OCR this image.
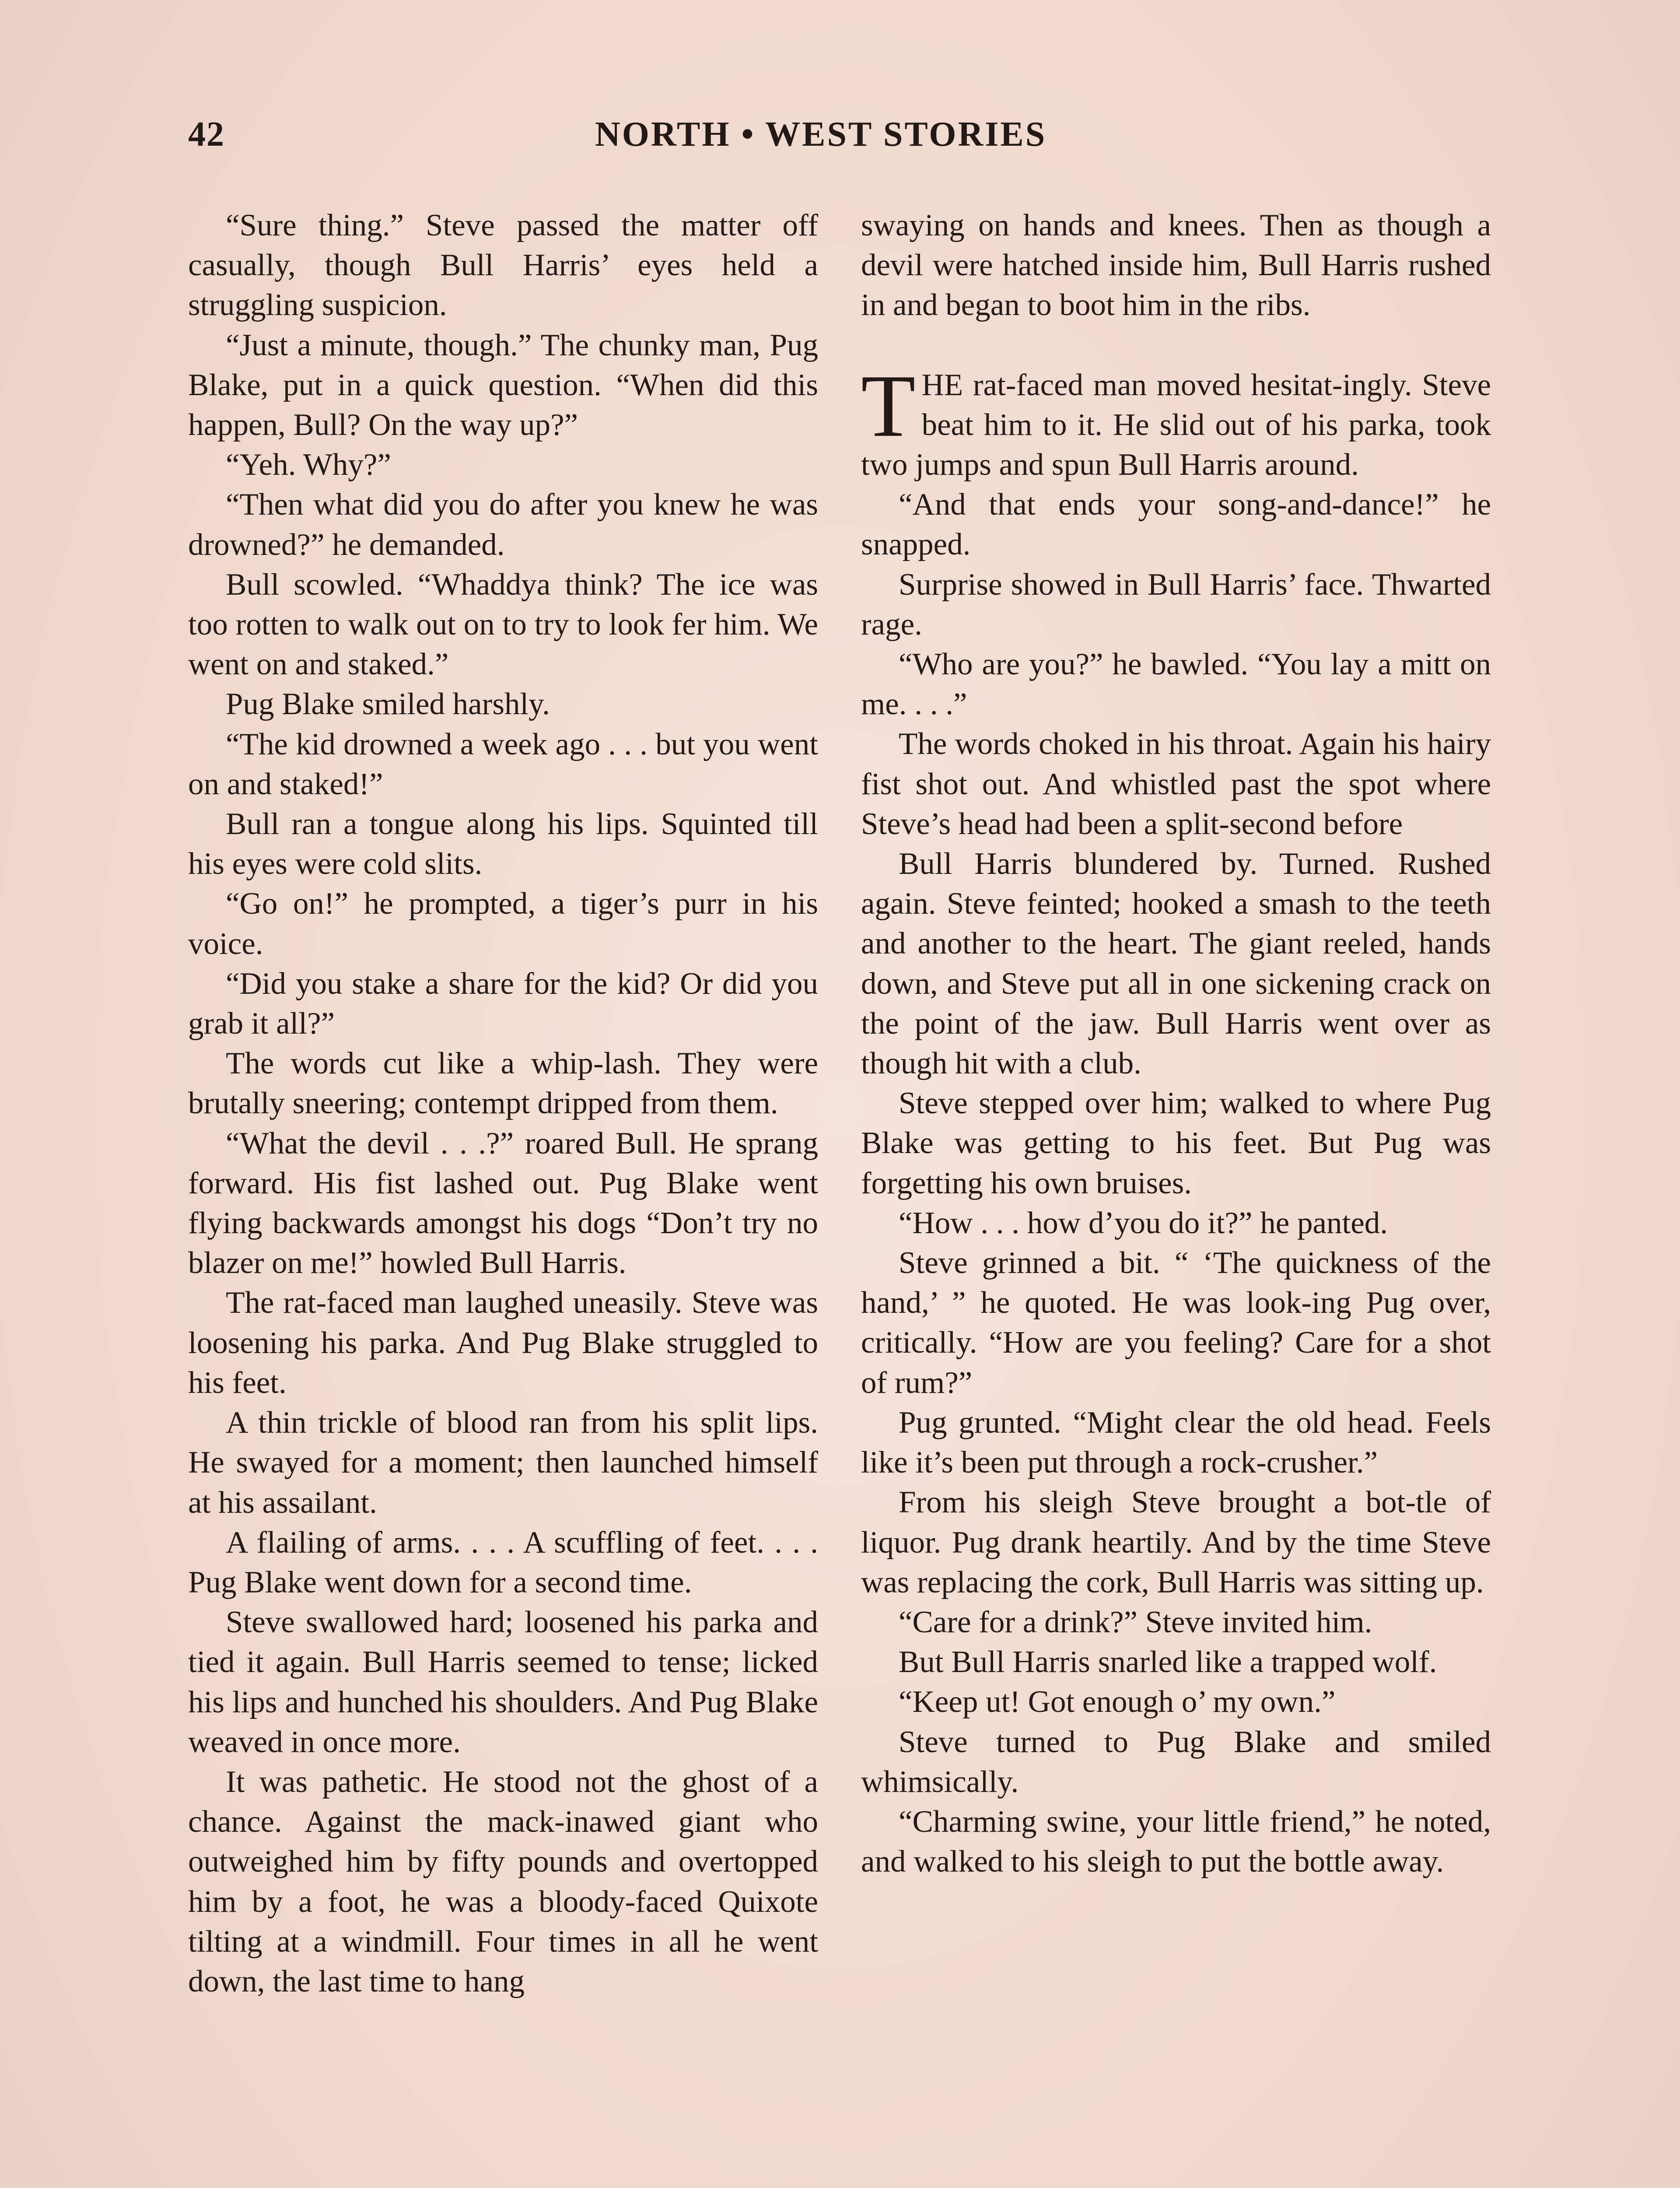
42	NORTH • WEST STORIES

“Sure thing.” Steve passed the matter off casually, though Bull Harris’ eyes held a struggling suspicion.

“Just a minute, though.” The chunky man, Pug Blake, put in a quick question. “When did this happen, Bull? On the way up?”

“Yeh. Why?”

“Then what did you do after you knew he was drowned?” he demanded.

Bull scowled. “Whaddya think? The ice was too rotten to walk out on to try to look fer him. We went on and staked.”

Pug Blake smiled harshly.

“The kid drowned a week ago . . . but you went on and staked!”

Bull ran a tongue along his lips. Squinted till his eyes were cold slits.

“Go on!” he prompted, a tiger’s purr in his voice.

“Did you stake a share for the kid? Or did you grab it all?”

The words cut like a whip-lash. They were brutally sneering; contempt dripped from them.

“What the devil . . .?” roared Bull. He sprang forward. His fist lashed out. Pug Blake went flying backwards amongst his dogs “Don’t try no blazer on me!” howled Bull Harris.

The rat-faced man laughed uneasily. Steve was loosening his parka. And Pug Blake struggled to his feet.

A thin trickle of blood ran from his split lips. He swayed for a moment; then launched himself at his assailant.

A flailing of arms. . . . A scuffling of feet. . . . Pug Blake went down for a second time.

Steve swallowed hard; loosened his parka and tied it again. Bull Harris seemed to tense; licked his lips and hunched his shoulders. And Pug Blake weaved in once more.

It was pathetic. He stood not the ghost of a chance. Against the mack-inawed giant who outweighed him by fifty pounds and overtopped him by a foot, he was a bloody-faced Quixote tilting at a windmill. Four times in all he went down, the last time to hang

swaying on hands and knees. Then as though a devil were hatched inside him, Bull Harris rushed in and began to boot him in the ribs.

THE rat-faced man moved hesitat-ingly. Steve beat him to it. He slid out of his parka, took two jumps and spun Bull Harris around.

“And that ends your song-and-dance!” he snapped.

Surprise showed in Bull Harris’ face. Thwarted rage.

“Who are you?” he bawled. “You lay a mitt on me. . . .”

The words choked in his throat. Again his hairy fist shot out. And whistled past the spot where Steve’s head had been a split-second before

Bull Harris blundered by. Turned. Rushed again. Steve feinted; hooked a smash to the teeth and another to the heart. The giant reeled, hands down, and Steve put all in one sickening crack on the point of the jaw. Bull Harris went over as though hit with a club.

Steve stepped over him; walked to where Pug Blake was getting to his feet. But Pug was forgetting his own bruises.

“How . . . how d’you do it?” he panted.

Steve grinned a bit. “ ‘The quickness of the hand,’ ” he quoted. He was look-ing Pug over, critically. “How are you feeling? Care for a shot of rum?”

Pug grunted. “Might clear the old head. Feels like it’s been put through a rock-crusher.”

From his sleigh Steve brought a bot-tle of liquor. Pug drank heartily. And by the time Steve was replacing the cork, Bull Harris was sitting up.

“Care for a drink?” Steve invited him.

But Bull Harris snarled like a trapped wolf.

“Keep ut! Got enough o’ my own.”

Steve turned to Pug Blake and smiled whimsically.

“Charming swine, your little friend,” he noted, and walked to his sleigh to put the bottle away.
